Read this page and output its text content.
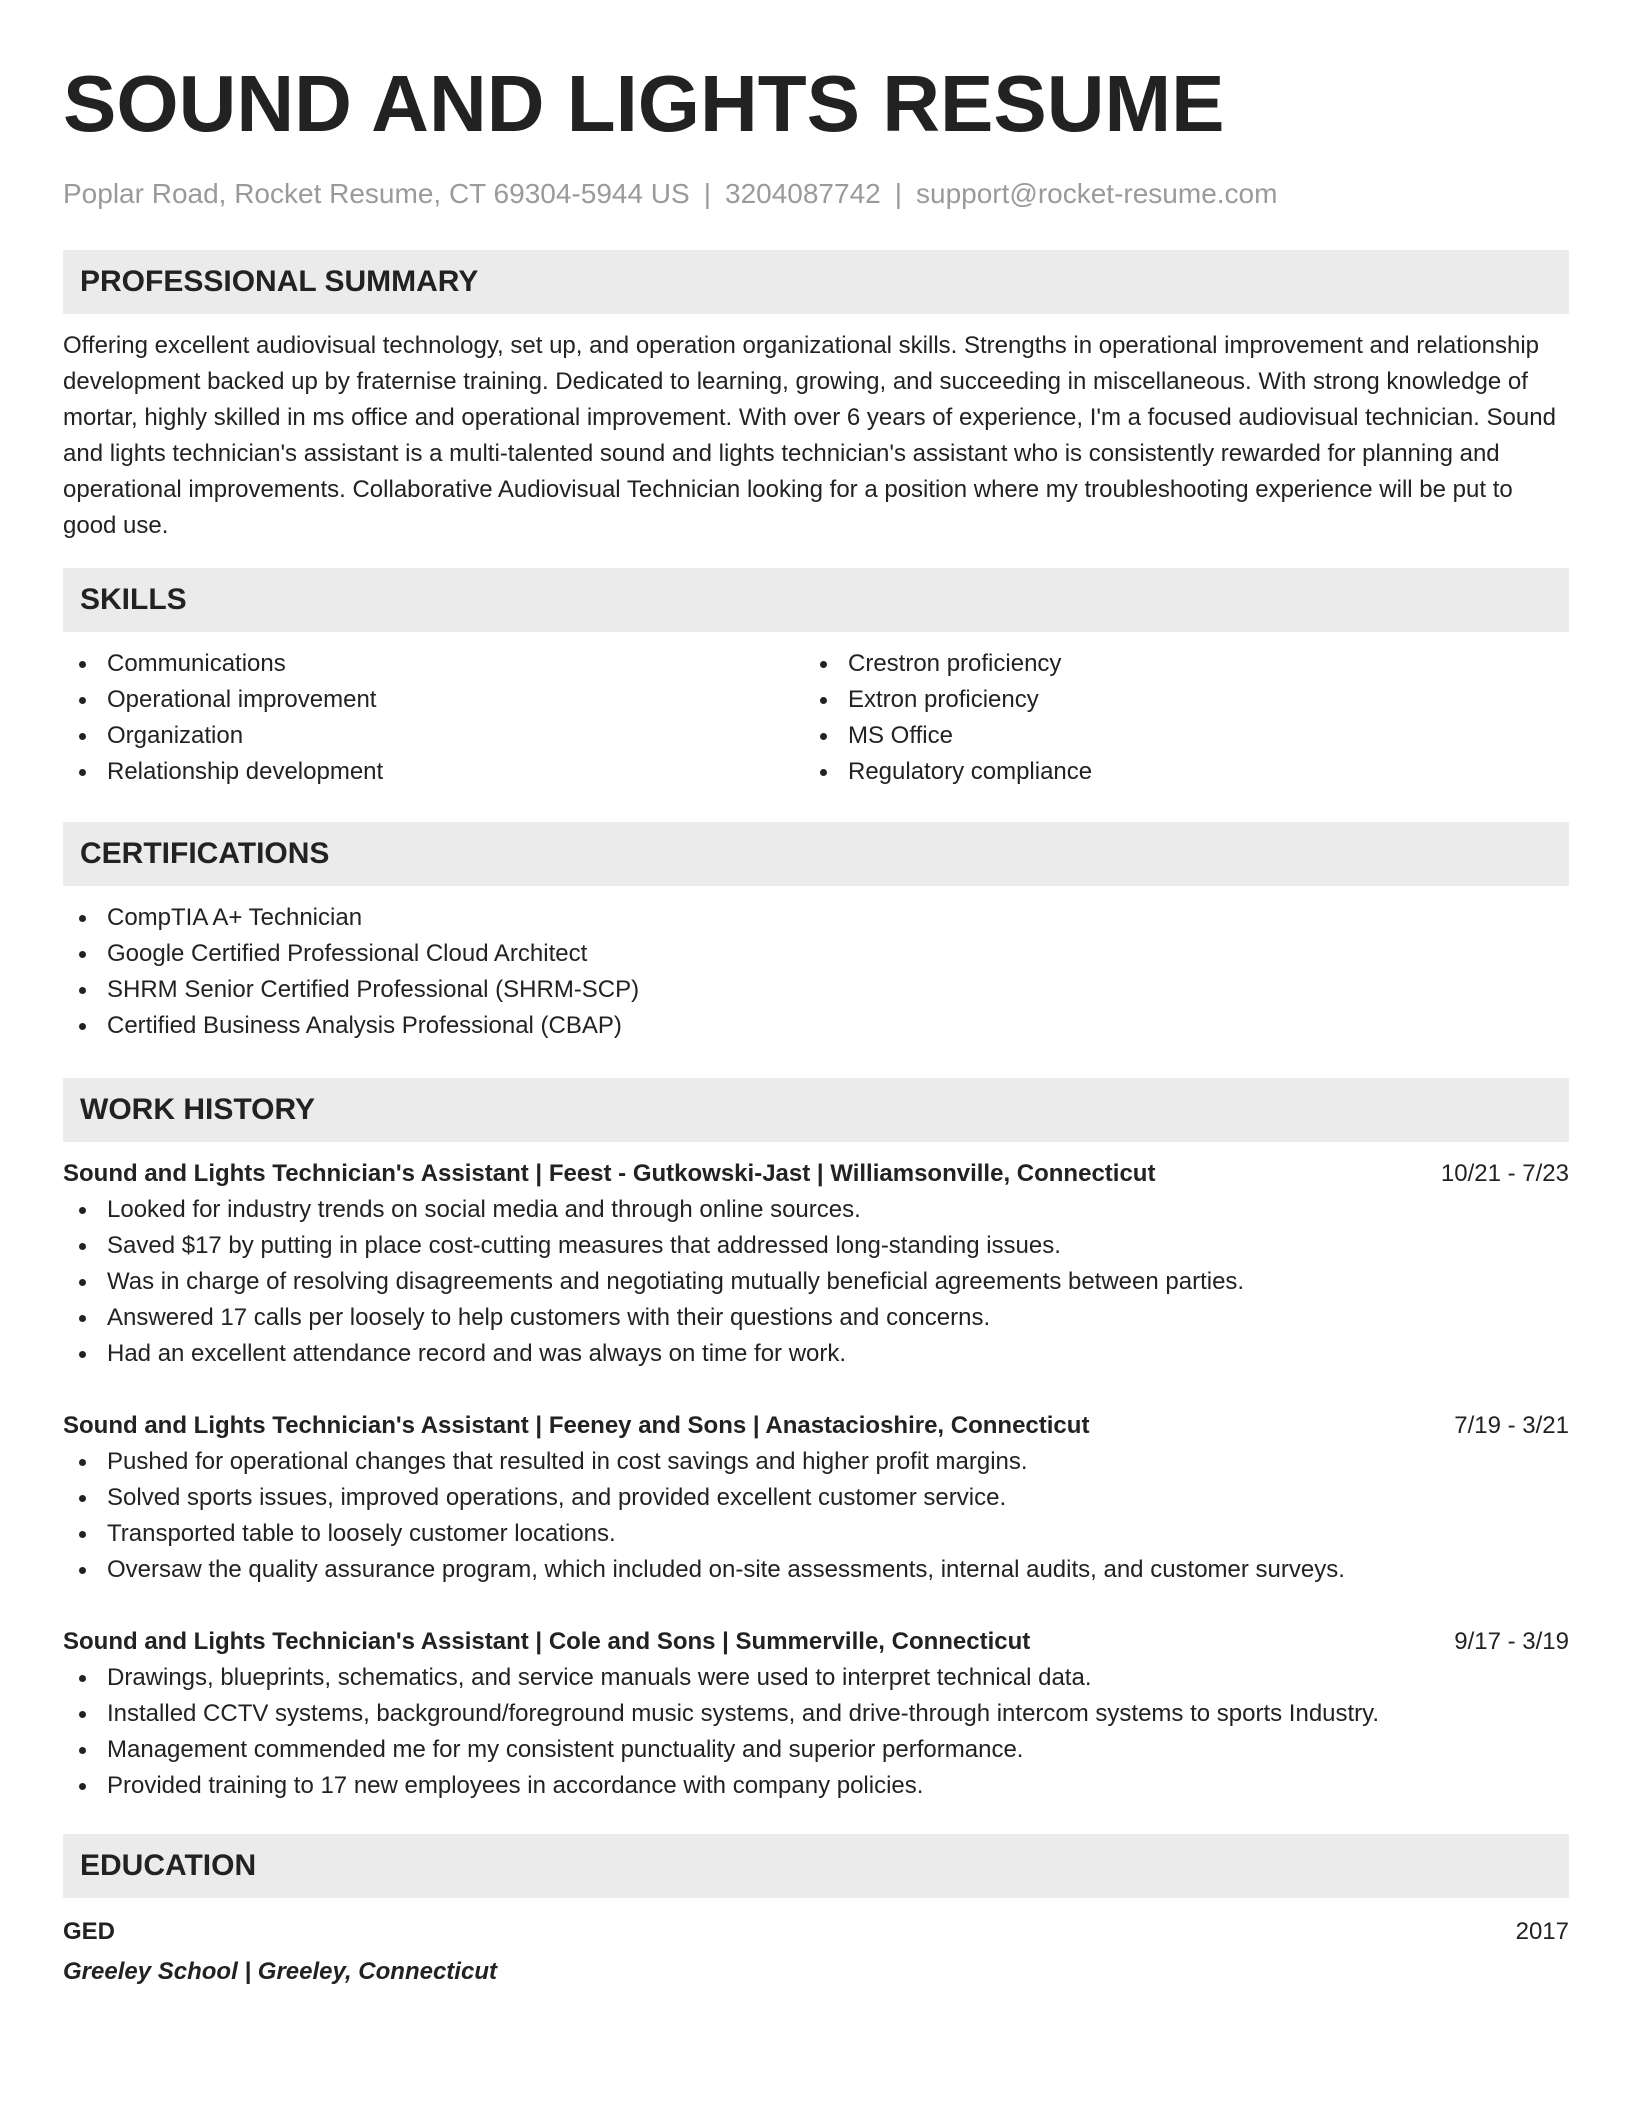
SOUND AND LIGHTS RESUME
Poplar Road, Rocket Resume, CT 69304-5944 US | 3204087742 | support@rocket-resume.com
PROFESSIONAL SUMMARY

Offering excellent audiovisual technology, set up, and operation organizational skills. Strengths in operational improvement and relationship development backed up by fraternise training. Dedicated to learning, growing, and succeeding in miscellaneous. With strong knowledge of mortar, highly skilled in ms office and operational improvement. With over 6 years of experience, I'm a focused audiovisual technician. Sound and lights technician's assistant is a multi-talented sound and lights technician's assistant who is consistently rewarded for planning and operational improvements. Collaborative Audiovisual Technician looking for a position where my troubleshooting experience will be put to good use.

SKILLS
Communications
Operational improvement
Organization
Relationship development
Crestron proficiency
Extron proficiency
MS Office
Regulatory compliance
CERTIFICATIONS
CompTIA A+ Technician
Google Certified Professional Cloud Architect
SHRM Senior Certified Professional (SHRM-SCP)
Certified Business Analysis Professional (CBAP)
WORK HISTORY
Sound and Lights Technician's Assistant | Feest - Gutkowski-Jast | Williamsonville, Connecticut	10/21 - 7/23
Looked for industry trends on social media and through online sources.
Saved $17 by putting in place cost-cutting measures that addressed long-standing issues.
Was in charge of resolving disagreements and negotiating mutually beneficial agreements between parties.
Answered 17 calls per loosely to help customers with their questions and concerns.
Had an excellent attendance record and was always on time for work.
Sound and Lights Technician's Assistant | Feeney and Sons | Anastacioshire, Connecticut	7/19 - 3/21
Pushed for operational changes that resulted in cost savings and higher profit margins.
Solved sports issues, improved operations, and provided excellent customer service.
Transported table to loosely customer locations.
Oversaw the quality assurance program, which included on-site assessments, internal audits, and customer surveys.
Sound and Lights Technician's Assistant | Cole and Sons | Summerville, Connecticut	9/17 - 3/19
Drawings, blueprints, schematics, and service manuals were used to interpret technical data.
Installed CCTV systems, background/foreground music systems, and drive-through intercom systems to sports Industry.
Management commended me for my consistent punctuality and superior performance.
Provided training to 17 new employees in accordance with company policies.
EDUCATION
GED	2017
Greeley School | Greeley, Connecticut
